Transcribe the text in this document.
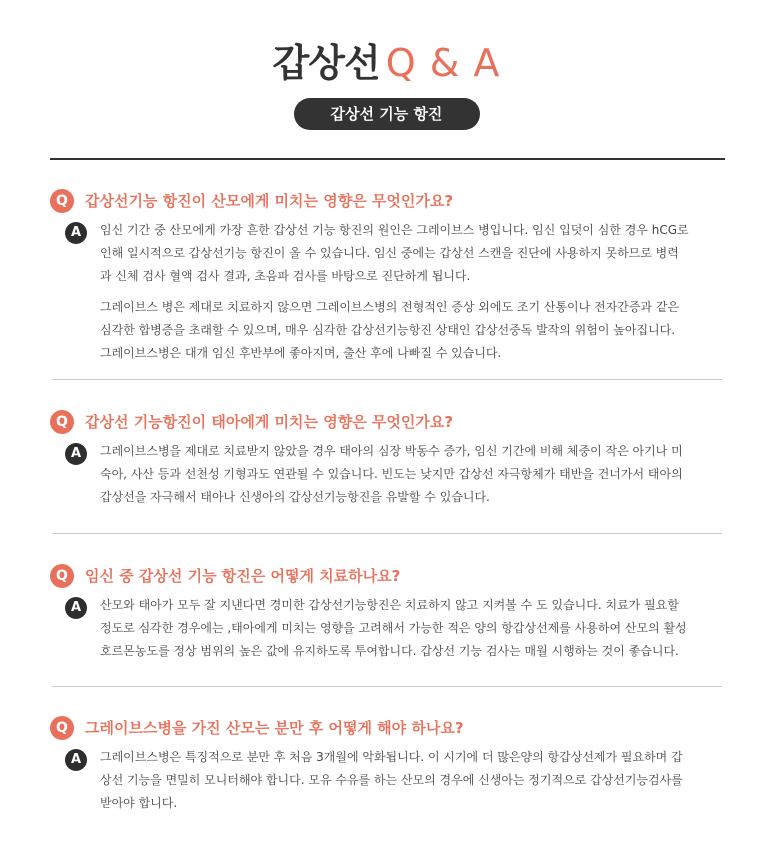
갑상선 Q & A
갑상선 기능 항진
Q	갑상선기능 항진이 산모에게 미치는 영향은 무엇인가요?
A	임신 기간 중 산모에게 가장 흔한 갑상선 기능 항진의 원인은 그레이브스 병입니다. 임신 입덧이 심한 경우 hCG로 인해 일시적으로 갑상선기능 항진이 올 수 있습니다. 임신 중에는 갑상선 스캔을 진단에 사용하지 못하므로 병력과 신체 검사 혈액 검사 결과, 초음파 검사를 바탕으로 진단하게 됩니다.

그레이브스 병은 제대로 치료하지 않으면 그레이브스병의 전형적인 증상 외에도 조기 산통이나 전자간증과 같은 심각한 합병증을 초래할 수 있으며, 매우 심각한 갑상선기능항진 상태인 갑상선중독 발작의 위험이 높아집니다. 그레이브스병은 대개 임신 후반부에 좋아지며, 출산 후에 나빠질 수 있습니다.

Q	갑상선 기능항진이 태아에게 미치는 영향은 무엇인가요?
A	그레이브스병을 제대로 치료받지 않았을 경우 태아의 심장 박동수 증가, 임신 기간에 비해 체중이 작은 아기나 미숙아, 사산 등과 선천성 기형과도 연관될 수 있습니다. 빈도는 낮지만 갑상선 자극항체가 태반을 건너가서 태아의 갑상선을 자극해서 태아나 신생아의 갑상선기능항진을 유발할 수 있습니다.

Q	임신 중 갑상선 기능 항진은 어떻게 치료하나요?
A	산모와 태아가 모두 잘 지낸다면 경미한 갑상선기능항진은 치료하지 않고 지켜볼 수 도 있습니다. 치료가 필요할 정도로 심각한 경우에는 ,태아에게 미치는 영향을 고려해서 가능한 적은 양의 항갑상선제를 사용하여 산모의 활성 호르몬농도를 정상 범위의 높은 값에 유지하도록 투여합니다. 갑상선 기능 검사는 매월 시행하는 것이 좋습니다.

Q	그레이브스병을 가진 산모는 분만 후 어떻게 해야 하나요?
A	그레이브스병은 특징적으로 분만 후 처음 3개월에 악화됩니다. 이 시기에 더 많은양의 항갑상선제가 필요하며 갑상선 기능을 면밀히 모니터해야 합니다. 모유 수유를 하는 산모의 경우에 신생아는 정기적으로 갑상선기능검사를 받아야 합니다.
